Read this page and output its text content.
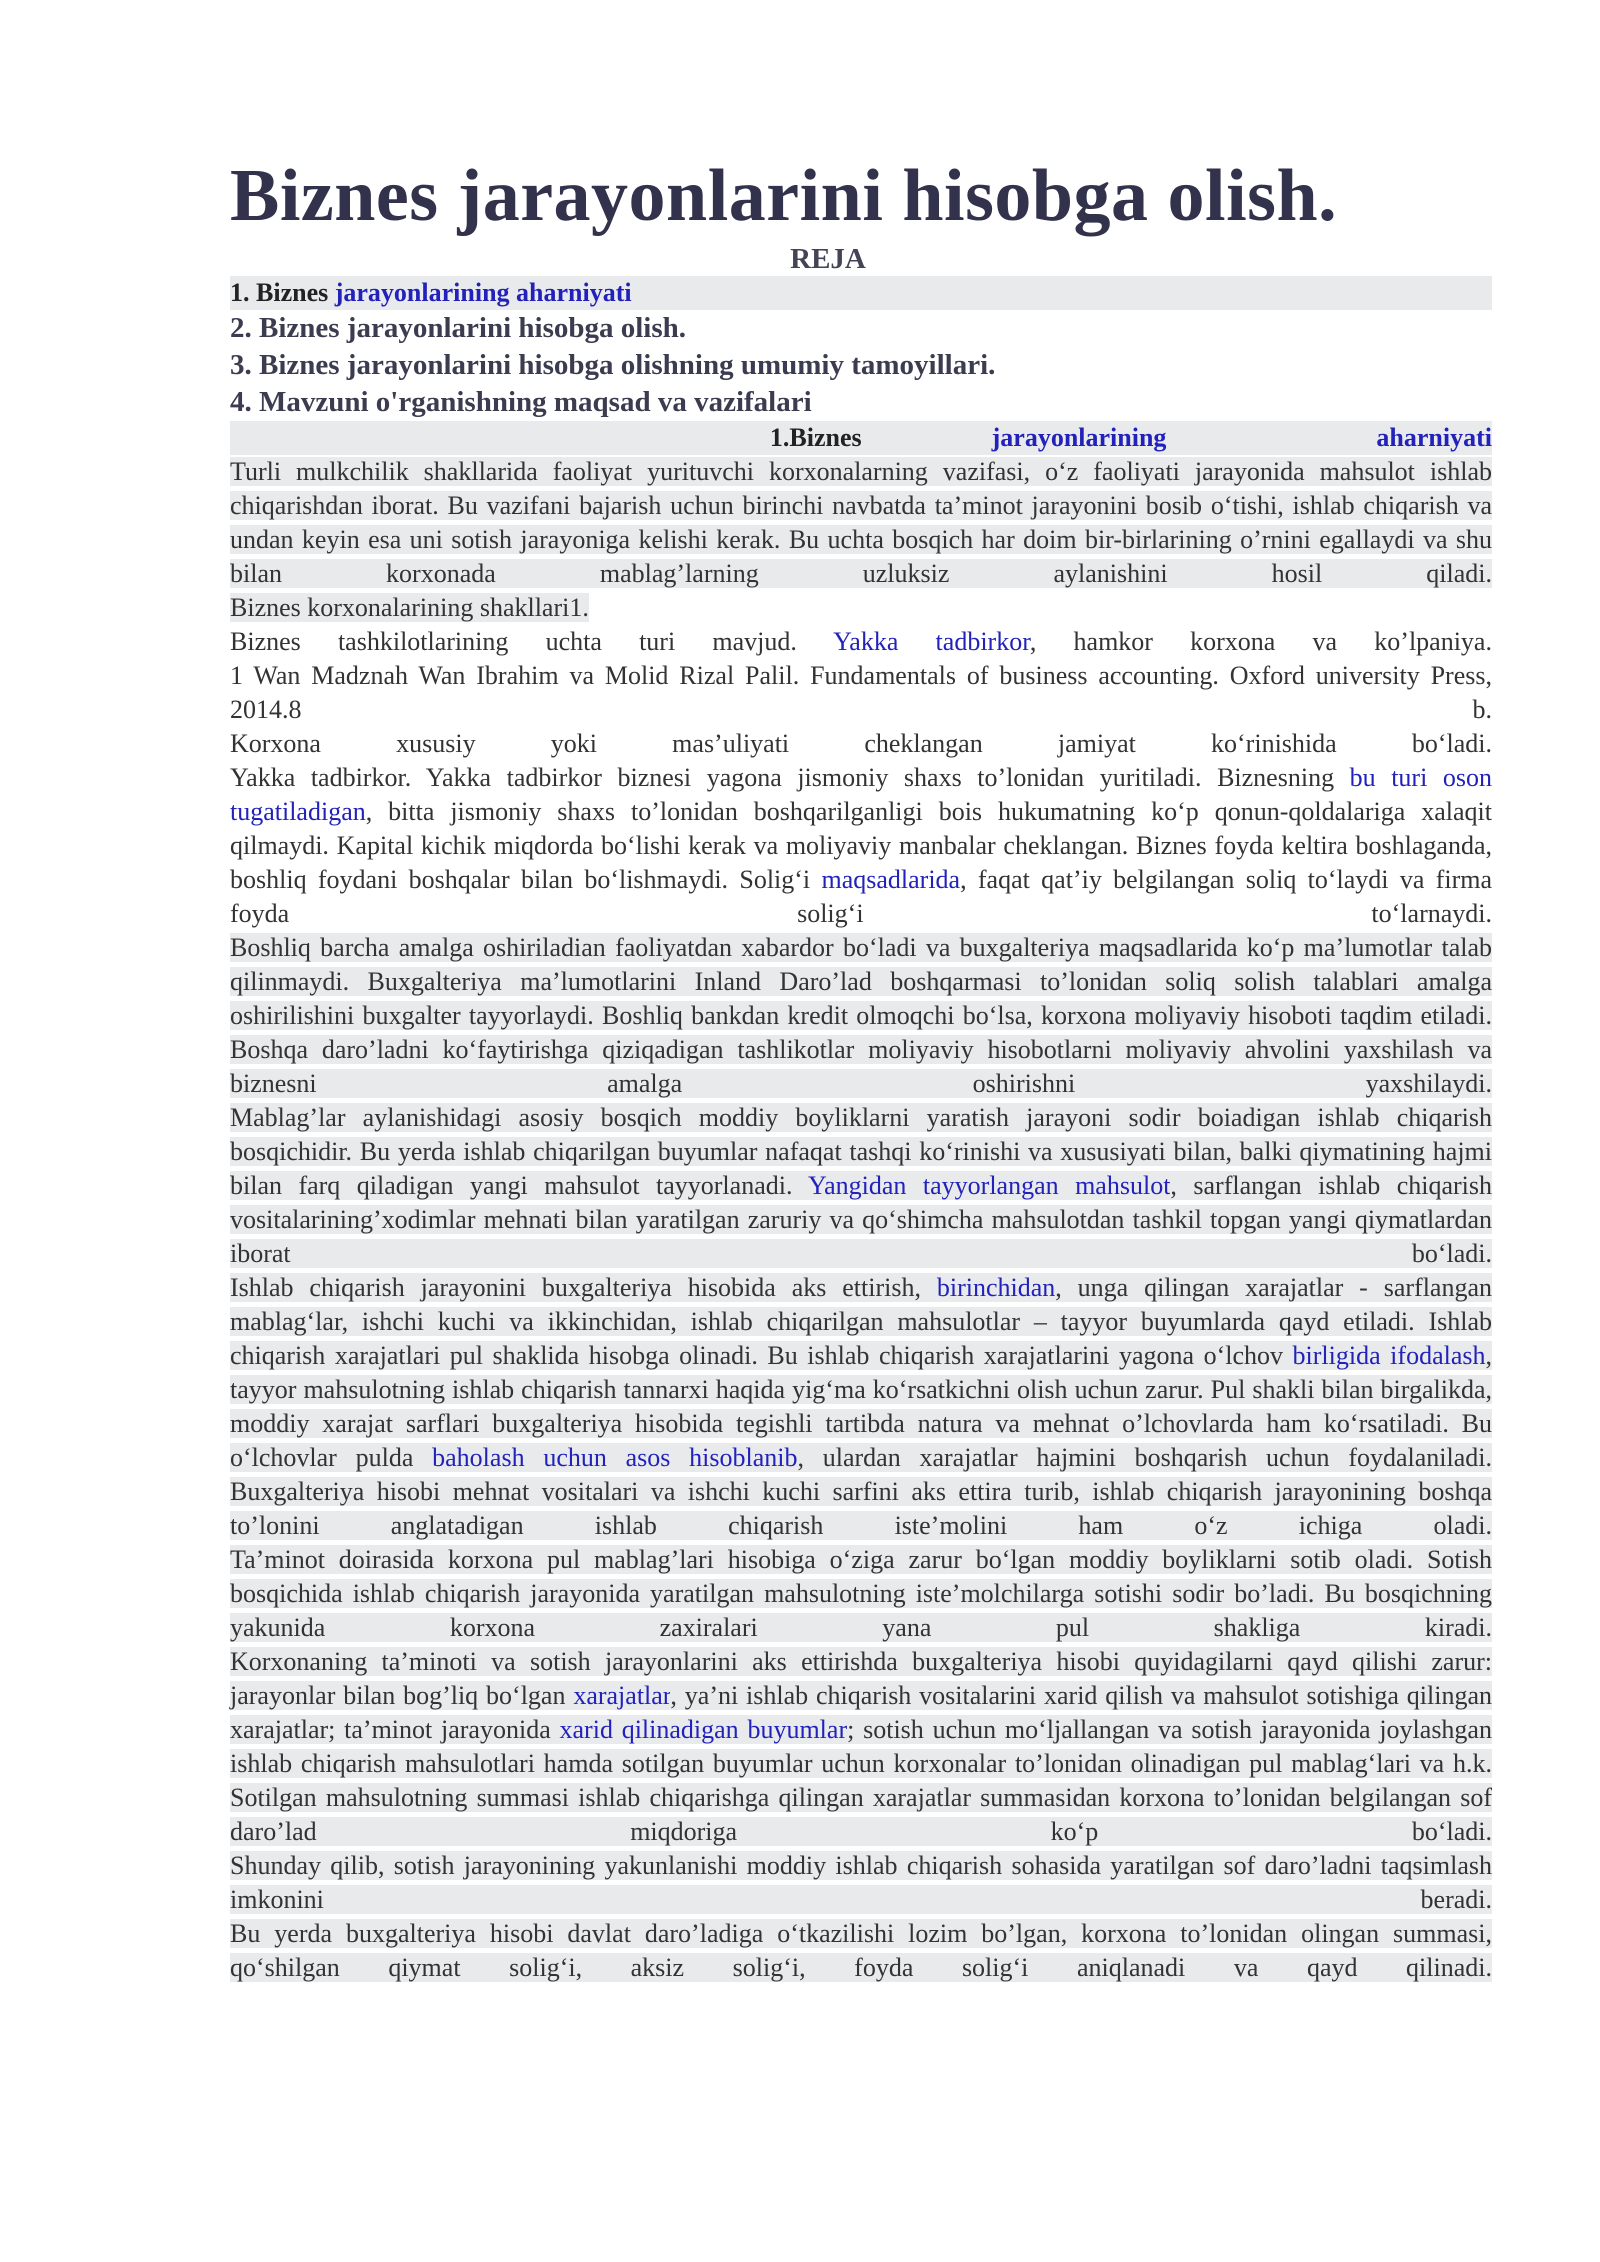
Biznes jarayonlarini hisobga olish.
REJA
1. Biznes jarayonlarining aharniyati
2. Biznes jarayonlarini hisobga olish.
3. Biznes jarayonlarini hisobga olishning umumiy tamoyillari.
4. Mavzuni o'rganishning maqsad va vazifalari
1.Biznes	jarayonlarining	aharniyati

Turli mulkchilik shakllarida faoliyat yurituvchi korxonalarning vazifasi, o‘z faoliyati jarayonida mahsulot ishlab chiqarishdan iborat. Bu vazifani bajarish uchun birinchi navbatda ta’minot jarayonini bosib o‘tishi, ishlab chiqarish va undan keyin esa uni sotish jarayoniga kelishi kerak. Bu uchta bosqich har doim bir-birlarining o’rnini egallaydi va shu bilan korxonada mablag’larning uzluksiz aylanishini hosil qiladi.

Biznes korxonalarining shakllari1.

Biznes tashkilotlarining uchta turi mavjud. Yakka tadbirkor, hamkor korxona va ko’lpaniya.

1 Wan Madznah Wan Ibrahim va Molid Rizal Palil. Fundamentals of business accounting. Oxford university Press, 2014.8 b.

Korxona xususiy yoki mas’uliyati cheklangan jamiyat ko‘rinishida bo‘ladi.

Yakka tadbirkor. Yakka tadbirkor biznesi yagona jismoniy shaxs to’lonidan yuritiladi. Biznesning bu turi oson tugatiladigan, bitta jismoniy shaxs to’lonidan boshqarilganligi bois hukumatning ko‘p qonun-qoldalariga xalaqit qilmaydi. Kapital kichik miqdorda bo‘lishi kerak va moliyaviy manbalar cheklangan. Biznes foyda keltira boshlaganda, boshliq foydani boshqalar bilan bo‘lishmaydi. Solig‘i maqsadlarida, faqat qat’iy belgilangan soliq to‘laydi va firma foyda solig‘i to‘larnaydi.

Boshliq barcha amalga oshiriladian faoliyatdan xabardor bo‘ladi va buxgalteriya maqsadlarida ko‘p ma’lumotlar talab qilinmaydi. Buxgalteriya ma’lumotlarini Inland Daro’lad boshqarmasi to’lonidan soliq solish talablari amalga oshirilishini buxgalter tayyorlaydi. Boshliq bankdan kredit olmoqchi bo‘lsa, korxona moliyaviy hisoboti taqdim etiladi. Boshqa daro’ladni ko‘faytirishga qiziqadigan tashlikotlar moliyaviy hisobotlarni moliyaviy ahvolini yaxshilash va biznesni amalga oshirishni yaxshilaydi.

Mablag’lar aylanishidagi asosiy bosqich moddiy boyliklarni yaratish jarayoni sodir boiadigan ishlab chiqarish bosqichidir. Bu yerda ishlab chiqarilgan buyumlar nafaqat tashqi ko‘rinishi va xususiyati bilan, balki qiymatining hajmi bilan farq qiladigan yangi mahsulot tayyorlanadi. Yangidan tayyorlangan mahsulot, sarflangan ishlab chiqarish vositalarining’xodimlar mehnati bilan yaratilgan zaruriy va qo‘shimcha mahsulotdan tashkil topgan yangi qiymatlardan iborat bo‘ladi.

Ishlab chiqarish jarayonini buxgalteriya hisobida aks ettirish, birinchidan, unga qilingan xarajatlar - sarflangan mablag‘lar, ishchi kuchi va ikkinchidan, ishlab chiqarilgan mahsulotlar – tayyor buyumlarda qayd etiladi. Ishlab chiqarish xarajatlari pul shaklida hisobga olinadi. Bu ishlab chiqarish xarajatlarini yagona o‘lchov birligida ifodalash, tayyor mahsulotning ishlab chiqarish tannarxi haqida yig‘ma ko‘rsatkichni olish uchun zarur. Pul shakli bilan birgalikda, moddiy xarajat sarflari buxgalteriya hisobida tegishli tartibda natura va mehnat o’lchovlarda ham ko‘rsatiladi. Bu o‘lchovlar pulda baholash uchun asos hisoblanib, ulardan xarajatlar hajmini boshqarish uchun foydalaniladi. Buxgalteriya hisobi mehnat vositalari va ishchi kuchi sarfini aks ettira turib, ishlab chiqarish jarayonining boshqa to’lonini anglatadigan ishlab chiqarish iste’molini ham o‘z ichiga oladi.

Ta’minot doirasida korxona pul mablag’lari hisobiga o‘ziga zarur bo‘lgan moddiy boyliklarni sotib oladi. Sotish bosqichida ishlab chiqarish jarayonida yaratilgan mahsulotning iste’molchilarga sotishi sodir bo’ladi. Bu bosqichning yakunida korxona zaxiralari yana pul shakliga kiradi.

Korxonaning ta’minoti va sotish jarayonlarini aks ettirishda buxgalteriya hisobi quyidagilarni qayd qilishi zarur: jarayonlar bilan bog’liq bo‘lgan xarajatlar, ya’ni ishlab chiqarish vositalarini xarid qilish va mahsulot sotishiga qilingan xarajatlar; ta’minot jarayonida xarid qilinadigan buyumlar; sotish uchun mo‘ljallangan va sotish jarayonida joylashgan ishlab chiqarish mahsulotlari hamda sotilgan buyumlar uchun korxonalar to’lonidan olinadigan pul mablag‘lari va h.k.

Sotilgan mahsulotning summasi ishlab chiqarishga qilingan xarajatlar summasidan korxona to’lonidan belgilangan sof daro’lad miqdoriga ko‘p bo‘ladi.

Shunday qilib, sotish jarayonining yakunlanishi moddiy ishlab chiqarish sohasida yaratilgan sof daro’ladni taqsimlash imkonini beradi.

Bu yerda buxgalteriya hisobi davlat daro’ladiga o‘tkazilishi lozim bo’lgan, korxona to’lonidan olingan summasi, qo‘shilgan qiymat solig‘i, aksiz solig‘i, foyda solig‘i aniqlanadi va qayd qilinadi.
